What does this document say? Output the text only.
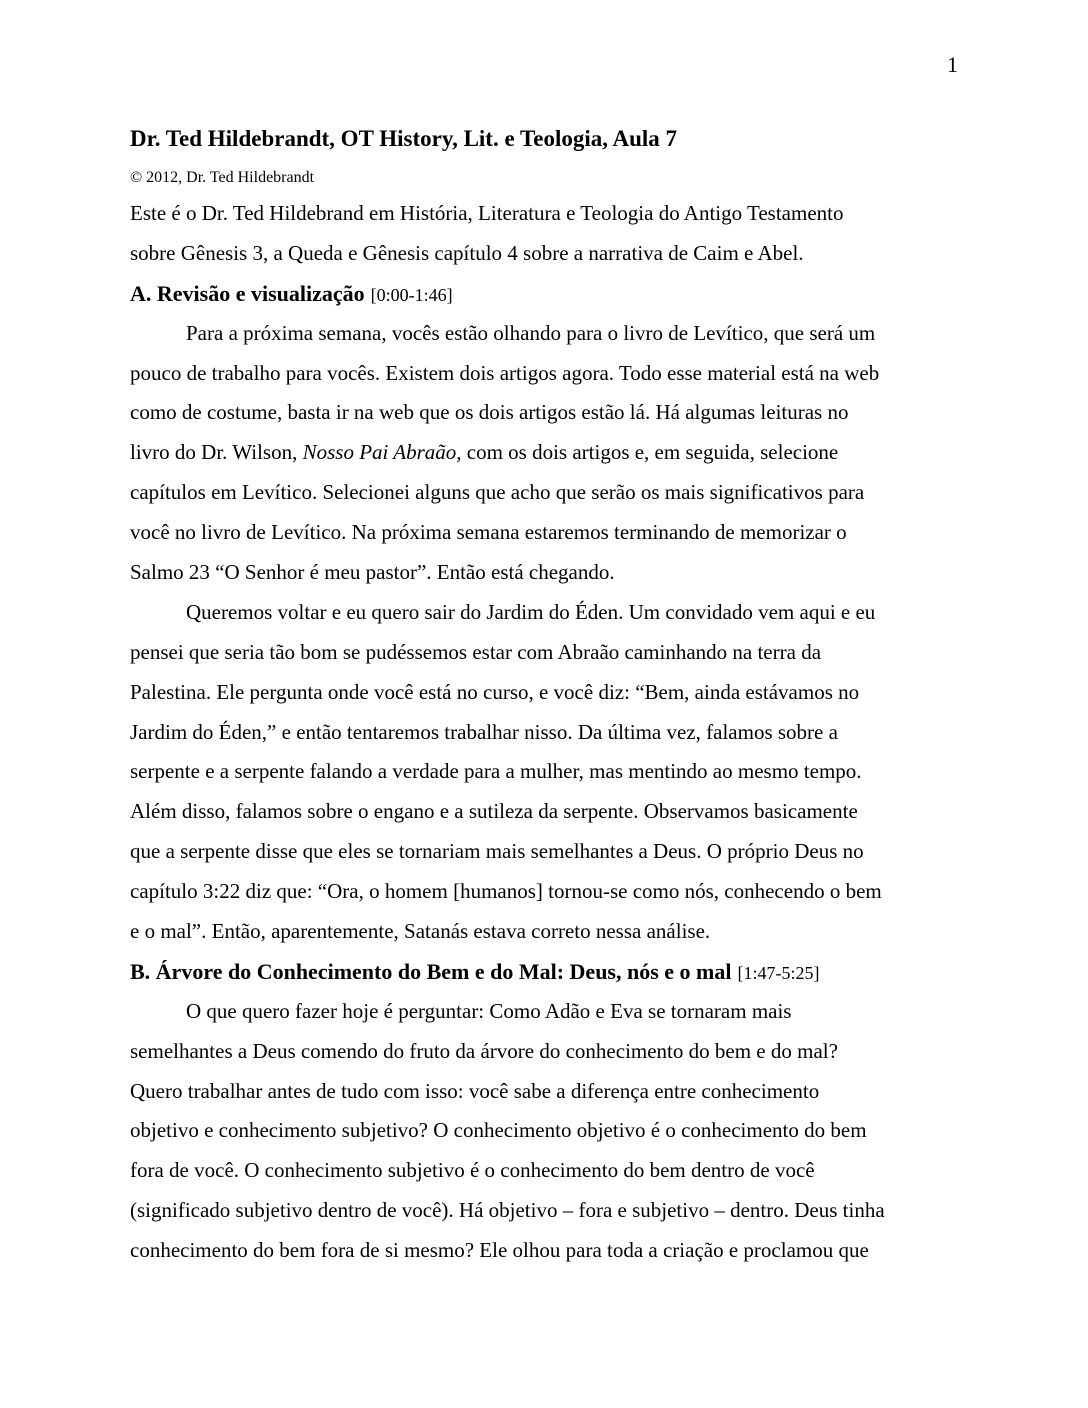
1
Dr. Ted Hildebrandt, OT History, Lit. e Teologia, Aula 7
© 2012, Dr. Ted Hildebrandt
Este é o Dr. Ted Hildebrand em História, Literatura e Teologia do Antigo Testamento
sobre Gênesis 3, a Queda e Gênesis capítulo 4 sobre a narrativa de Caim e Abel.
A. Revisão e visualização [0:00-1:46]
Para a próxima semana, vocês estão olhando para o livro de Levítico, que será um
pouco de trabalho para vocês. Existem dois artigos agora. Todo esse material está na web
como de costume, basta ir na web que os dois artigos estão lá. Há algumas leituras no
livro do Dr. Wilson, Nosso Pai Abraão, com os dois artigos e, em seguida, selecione
capítulos em Levítico. Selecionei alguns que acho que serão os mais significativos para
você no livro de Levítico. Na próxima semana estaremos terminando de memorizar o
Salmo 23 “O Senhor é meu pastor”. Então está chegando.
Queremos voltar e eu quero sair do Jardim do Éden. Um convidado vem aqui e eu
pensei que seria tão bom se pudéssemos estar com Abraão caminhando na terra da
Palestina. Ele pergunta onde você está no curso, e você diz: “Bem, ainda estávamos no
Jardim do Éden,” e então tentaremos trabalhar nisso. Da última vez, falamos sobre a
serpente e a serpente falando a verdade para a mulher, mas mentindo ao mesmo tempo.
Além disso, falamos sobre o engano e a sutileza da serpente. Observamos basicamente
que a serpente disse que eles se tornariam mais semelhantes a Deus. O próprio Deus no
capítulo 3:22 diz que: “Ora, o homem [humanos] tornou-se como nós, conhecendo o bem
e o mal”. Então, aparentemente, Satanás estava correto nessa análise.
B. Árvore do Conhecimento do Bem e do Mal: Deus, nós e o mal [1:47-5:25]
O que quero fazer hoje é perguntar: Como Adão e Eva se tornaram mais
semelhantes a Deus comendo do fruto da árvore do conhecimento do bem e do mal?
Quero trabalhar antes de tudo com isso: você sabe a diferença entre conhecimento
objetivo e conhecimento subjetivo? O conhecimento objetivo é o conhecimento do bem
fora de você. O conhecimento subjetivo é o conhecimento do bem dentro de você
(significado subjetivo dentro de você). Há objetivo – fora e subjetivo – dentro. Deus tinha
conhecimento do bem fora de si mesmo? Ele olhou para toda a criação e proclamou que
